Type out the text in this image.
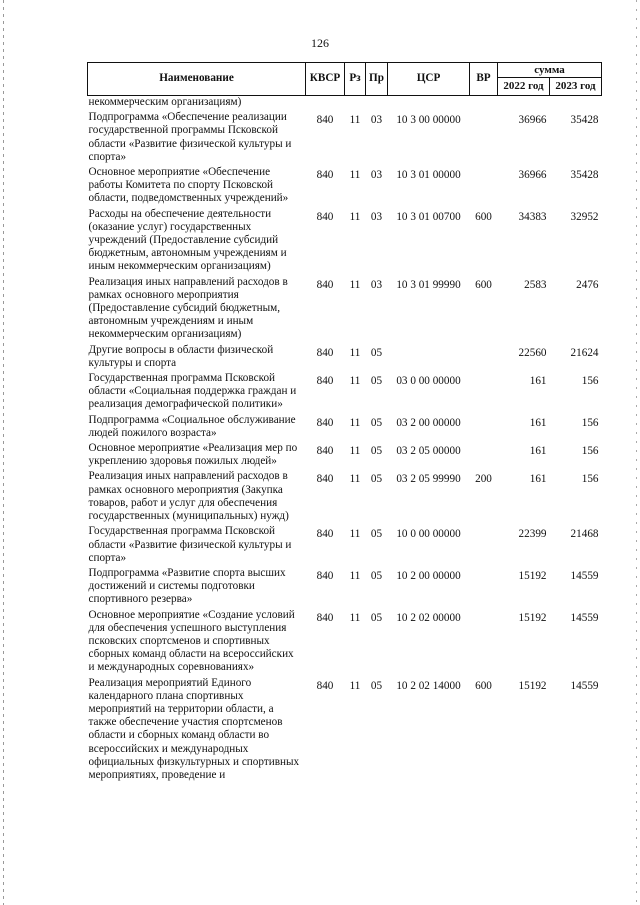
126
Наименование	КВСР	Рз	Пр	ЦСР	ВР	сумма	
						2022 год	2023 год
некоммерческим организациям)							
Подпрограмма «Обеспечение реализации государственной программы Псковской области «Развитие физической культуры и спорта»	840	11	03	10 3 00 00000		36966	35428
Основное мероприятие «Обеспечение работы Комитета по спорту Псковской области, подведомственных учреждений»	840	11	03	10 3 01 00000		36966	35428
Расходы на обеспечение деятельности (оказание услуг) государственных учреждений (Предоставление субсидий бюджетным, автономным учреждениям и иным некоммерческим организациям)	840	11	03	10 3 01 00700	600	34383	32952
Реализация иных направлений расходов в рамках основного мероприятия (Предоставление субсидий бюджетным, автономным учреждениям и иным некоммерческим организациям)	840	11	03	10 3 01 99990	600	2583	2476
Другие вопросы в области физической культуры и спорта	840	11	05			22560	21624
Государственная программа Псковской области «Социальная поддержка граждан и реализация демографической политики»	840	11	05	03 0 00 00000		161	156
Подпрограмма «Социальное обслуживание людей пожилого возраста»	840	11	05	03 2 00 00000		161	156
Основное мероприятие «Реализация мер по укреплению здоровья пожилых людей»	840	11	05	03 2 05 00000		161	156
Реализация иных направлений расходов в рамках основного мероприятия (Закупка товаров, работ и услуг для обеспечения государственных (муниципальных) нужд)	840	11	05	03 2 05 99990	200	161	156
Государственная программа Псковской области «Развитие физической культуры и спорта»	840	11	05	10 0 00 00000		22399	21468
Подпрограмма «Развитие спорта высших достижений и системы подготовки спортивного резерва»	840	11	05	10 2 00 00000		15192	14559
Основное мероприятие «Создание условий для обеспечения успешного выступления псковских спортсменов и спортивных сборных команд области на всероссийских и международных соревнованиях»	840	11	05	10 2 02 00000		15192	14559
Реализация мероприятий Единого календарного плана спортивных мероприятий на территории области, а также обеспечение участия спортсменов области и сборных команд области во всероссийских и международных официальных физкультурных и спортивных мероприятиях, проведение и	840	11	05	10 2 02 14000	600	15192	14559
